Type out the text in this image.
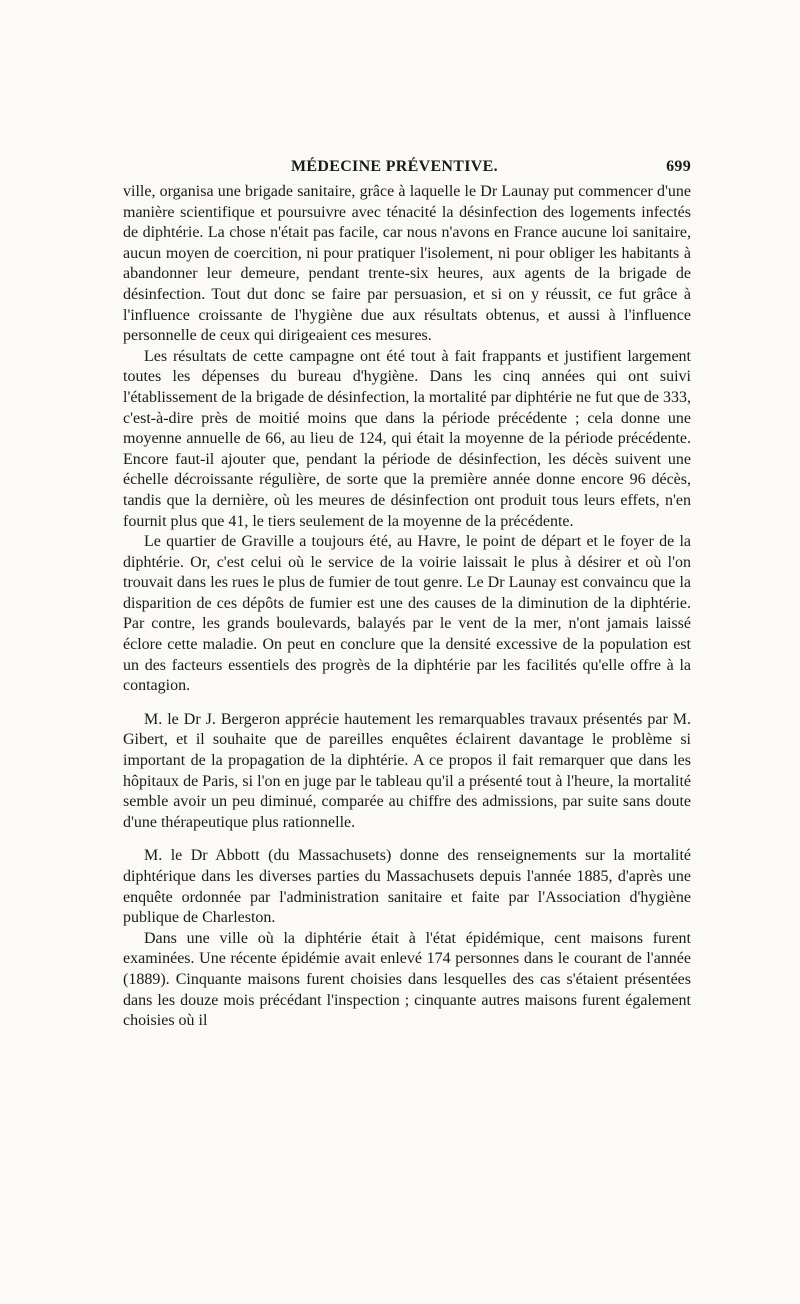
MÉDECINE PRÉVENTIVE.	699

ville, organisa une brigade sanitaire, grâce à laquelle le Dr Launay put commencer d'une manière scientifique et poursuivre avec ténacité la désinfection des logements infectés de diphtérie. La chose n'était pas facile, car nous n'avons en France aucune loi sanitaire, aucun moyen de coercition, ni pour pratiquer l'isolement, ni pour obliger les habitants à abandonner leur demeure, pendant trente-six heures, aux agents de la brigade de désinfection. Tout dut donc se faire par persuasion, et si on y réussit, ce fut grâce à l'influence croissante de l'hygiène due aux résultats obtenus, et aussi à l'influence personnelle de ceux qui dirigeaient ces mesures.

Les résultats de cette campagne ont été tout à fait frappants et justifient largement toutes les dépenses du bureau d'hygiène. Dans les cinq années qui ont suivi l'établissement de la brigade de désinfection, la mortalité par diphtérie ne fut que de 333, c'est-à-dire près de moitié moins que dans la période précédente ; cela donne une moyenne annuelle de 66, au lieu de 124, qui était la moyenne de la période précédente. Encore faut-il ajouter que, pendant la période de désinfection, les décès suivent une échelle décroissante régulière, de sorte que la première année donne encore 96 décès, tandis que la dernière, où les meures de désinfection ont produit tous leurs effets, n'en fournit plus que 41, le tiers seulement de la moyenne de la précédente.

Le quartier de Graville a toujours été, au Havre, le point de départ et le foyer de la diphtérie. Or, c'est celui où le service de la voirie laissait le plus à désirer et où l'on trouvait dans les rues le plus de fumier de tout genre. Le Dr Launay est convaincu que la disparition de ces dépôts de fumier est une des causes de la diminution de la diphtérie. Par contre, les grands boulevards, balayés par le vent de la mer, n'ont jamais laissé éclore cette maladie. On peut en conclure que la densité excessive de la population est un des facteurs essentiels des progrès de la diphtérie par les facilités qu'elle offre à la contagion.

M. le Dr J. Bergeron apprécie hautement les remarquables travaux présentés par M. Gibert, et il souhaite que de pareilles enquêtes éclairent davantage le problème si important de la propagation de la diphtérie. A ce propos il fait remarquer que dans les hôpitaux de Paris, si l'on en juge par le tableau qu'il a présenté tout à l'heure, la mortalité semble avoir un peu diminué, comparée au chiffre des admissions, par suite sans doute d'une thérapeutique plus rationnelle.

M. le Dr Abbott (du Massachusets) donne des renseignements sur la mortalité diphtérique dans les diverses parties du Massachusets depuis l'année 1885, d'après une enquête ordonnée par l'administration sanitaire et faite par l'Association d'hygiène publique de Charleston.

Dans une ville où la diphtérie était à l'état épidémique, cent maisons furent examinées. Une récente épidémie avait enlevé 174 personnes dans le courant de l'année (1889). Cinquante maisons furent choisies dans lesquelles des cas s'étaient présentées dans les douze mois précédant l'inspection ; cinquante autres maisons furent également choisies où il
